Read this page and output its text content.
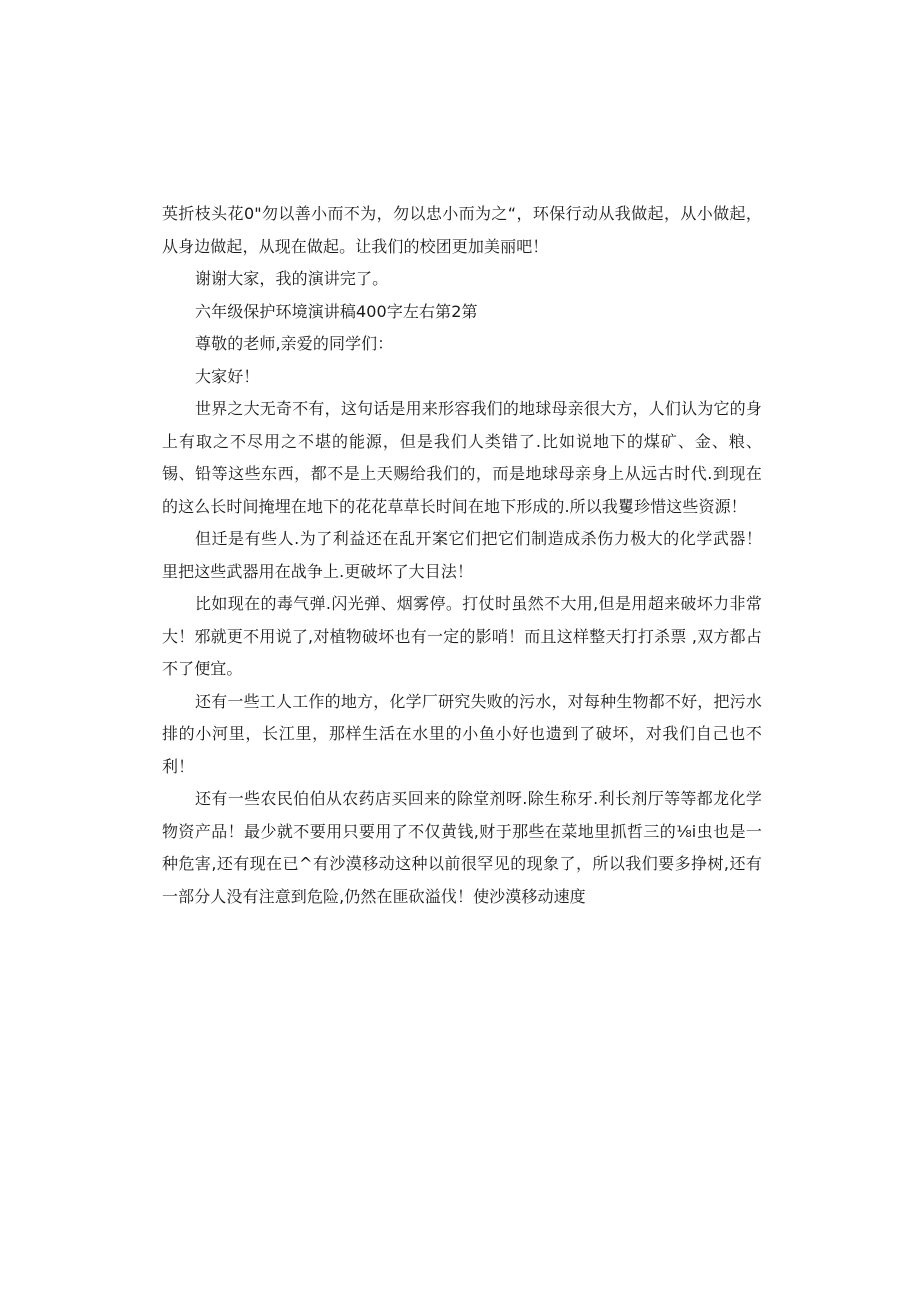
英折枝头花0"勿以善小而不为，勿以忠小而为之“，环保行动从我做起，从小做起，从身边做起，从现在做起。让我们的校团更加美丽吧！

谢谢大家，我的演讲完了。

六年级保护环境演讲稿400字左右第2第

尊敬的老师,亲爱的同学们：

大家好！

世界之大无奇不有，这句话是用来形容我们的地球母亲很大方，人们认为它的身上有取之不尽用之不堪的能源，但是我们人类错了.比如说地下的煤矿、金、粮、锡、铅等这些东西，都不是上天赐给我们的，而是地球母亲身上从远古时代.到现在的这么长时间掩埋在地下的花花草草长时间在地下形成的.所以我矍珍惜这些资源！

但迁是有些人.为了利益还在乱开案它们把它们制造成杀伤力极大的化学武器！里把这些武器用在战争上.更破坏了大目法！

比如现在的毒气弹.闪光弹、烟雾停。打仗时虽然不大用,但是用超来破坏力非常大！邪就更不用说了,对植物破坏也有一定的影哨！而且这样整天打打杀票 ,双方都占不了便宜。

还有一些工人工作的地方，化学厂研究失败的污水，对每种生物都不好，把污水排的小河里，长江里，那样生活在水里的小鱼小好也遗到了破坏，对我们自己也不利！

还有一些农民伯伯从农药店买回来的除堂剂呀.除生称牙.利长剂厅等等都龙化学物资产品！最少就不要用只要用了不仅黄钱,财于那些在菜地里抓哲三的⅛i虫也是一种危害,还有现在已^有沙漠移动这种以前很罕见的现象了，所以我们要多挣树,还有一部分人没有注意到危险,仍然在匪砍溢伐！使沙漠移动速度
